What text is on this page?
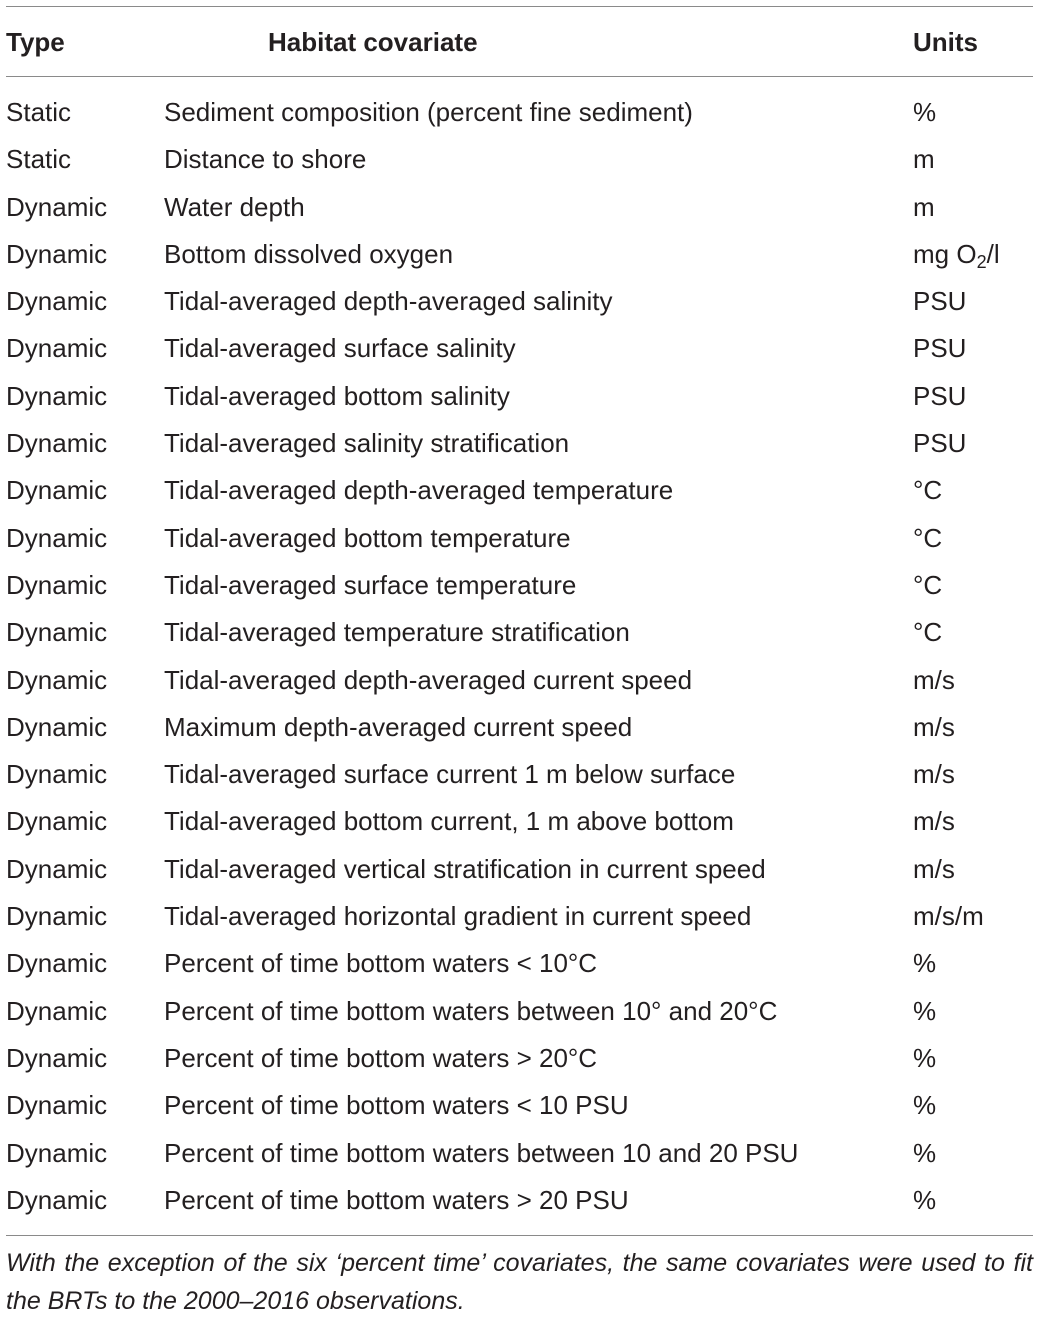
Type	Habitat covariate	Units
Static	Sediment composition (percent fine sediment)	%
Static	Distance to shore	m
Dynamic Water depth	m
Dynamic Bottom dissolved oxygen	mg $O_2/l$
Dynamic Tidal-averaged depth-averaged salinity	PSU
Dynamic Tidal-averaged surface salinity	PSU
Dynamic Tidal-averaged bottom salinity	PSU
Dynamic Tidal-averaged salinity stratification	PSU
Dynamic Tidal-averaged depth-averaged temperature	°C
Dynamic Tidal-averaged bottom temperature	°C
Dynamic Tidal-averaged surface temperature	°C
Dynamic Tidal-averaged temperature stratification	°C
Dynamic Tidal-averaged depth-averaged current speed	m/s
Dynamic Maximum depth-averaged current speed	m/s
Dynamic Tidal-averaged surface current 1 m below surface	m/s
Dynamic Tidal-averaged bottom current, 1 m above bottom	m/s
Dynamic Tidal-averaged vertical stratification in current speed	m/s
Dynamic Tidal-averaged horizontal gradient in current speed	m/s/m
Dynamic Percent of time bottom waters < 10°C	%
Dynamic Percent of time bottom waters between 10° and 20°C	%
Dynamic Percent of time bottom waters > 20°C	%
Dynamic Percent of time bottom waters < 10 PSU	%
Dynamic Percent of time bottom waters between 10 and 20 PSU	%
Dynamic Percent of time bottom waters > 20 PSU	%
With the exception of the six ‘percent time’ covariates, the same covariates were used to fit the BRTs to the 2000–2016 observations.
